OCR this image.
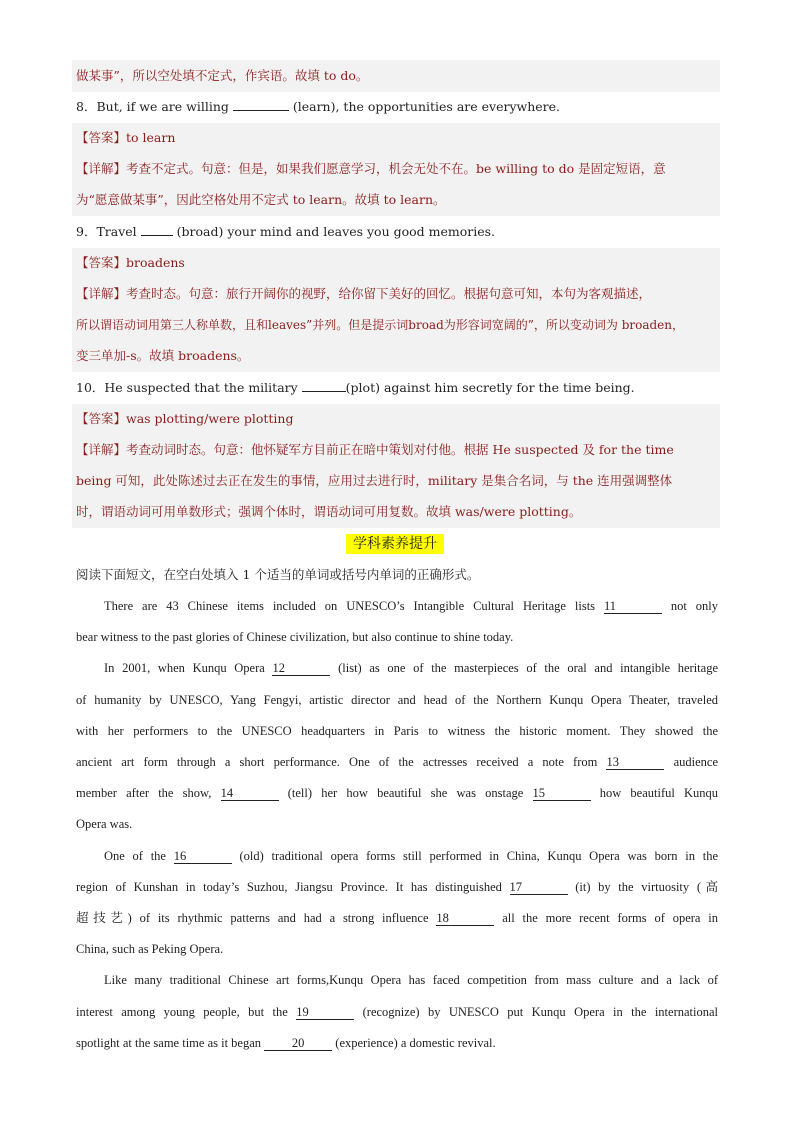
做某事”，所以空处填不定式，作宾语。故填 to do。
8．But, if we are willing	(learn), the opportunities are everywhere.
【答案】to learn
【详解】考查不定式。句意：但是，如果我们愿意学习，机会无处不在。be willing to do 是固定短语，意
为“愿意做某事”，因此空格处用不定式 to learn。故填 to learn。
9．Travel	(broad) your mind and leaves you good memories.
【答案】broadens
【详解】考查时态。句意：旅行开阔你的视野，给你留下美好的回忆。根据句意可知，本句为客观描述，
所以谓语动词用第三人称单数，且和leaves”并列。但是提示词broad为形容词宽阔的”，所以变动词为 broaden，
变三单加-s。故填 broadens。
10．He suspected that the military	(plot) against him secretly for the time being.
【答案】was plotting/were plotting
【详解】考查动词时态。句意：他怀疑军方目前正在暗中策划对付他。根据 He suspected 及 for the time
being 可知，此处陈述过去正在发生的事情，应用过去进行时，military 是集合名词，与 the 连用强调整体
时，谓语动词可用单数形式；强调个体时，谓语动词可用复数。故填 was/were plotting。
学科素养提升
阅读下面短文，在空白处填入 1 个适当的单词或括号内单词的正确形式。
There are 43 Chinese items included on UNESCO’s Intangible Cultural Heritage lists 11	not only
bear witness to the past glories of Chinese civilization, but also continue to shine today.
In 2001, when Kunqu Opera 12	(list) as one of the masterpieces of the oral and intangible heritage
of humanity by UNESCO, Yang Fengyi, artistic director and head of the Northern Kunqu Opera Theater, traveled
with her performers to the UNESCO headquarters in Paris to witness the historic moment. They showed the
ancient art form through a short performance. One of the actresses received a note from 13	audience
member after the show, 14	(tell) her how beautiful she was onstage 15	how beautiful Kunqu
Opera was.
One of the 16	(old) traditional opera forms still performed in China, Kunqu Opera was born in the
region of Kunshan in today’s Suzhou, Jiangsu Province. It has distinguished 17	(it) by the virtuosity (高
超技艺) of its rhythmic patterns and had a strong influence 18	all the more recent forms of opera in
China, such as Peking Opera.
Like many traditional Chinese art forms,Kunqu Opera has faced competition from mass culture and a lack of
interest among young people, but the 19	(recognize) by UNESCO put Kunqu Opera in the international
spotlight at the same time as it began 20 (experience) a domestic revival.
